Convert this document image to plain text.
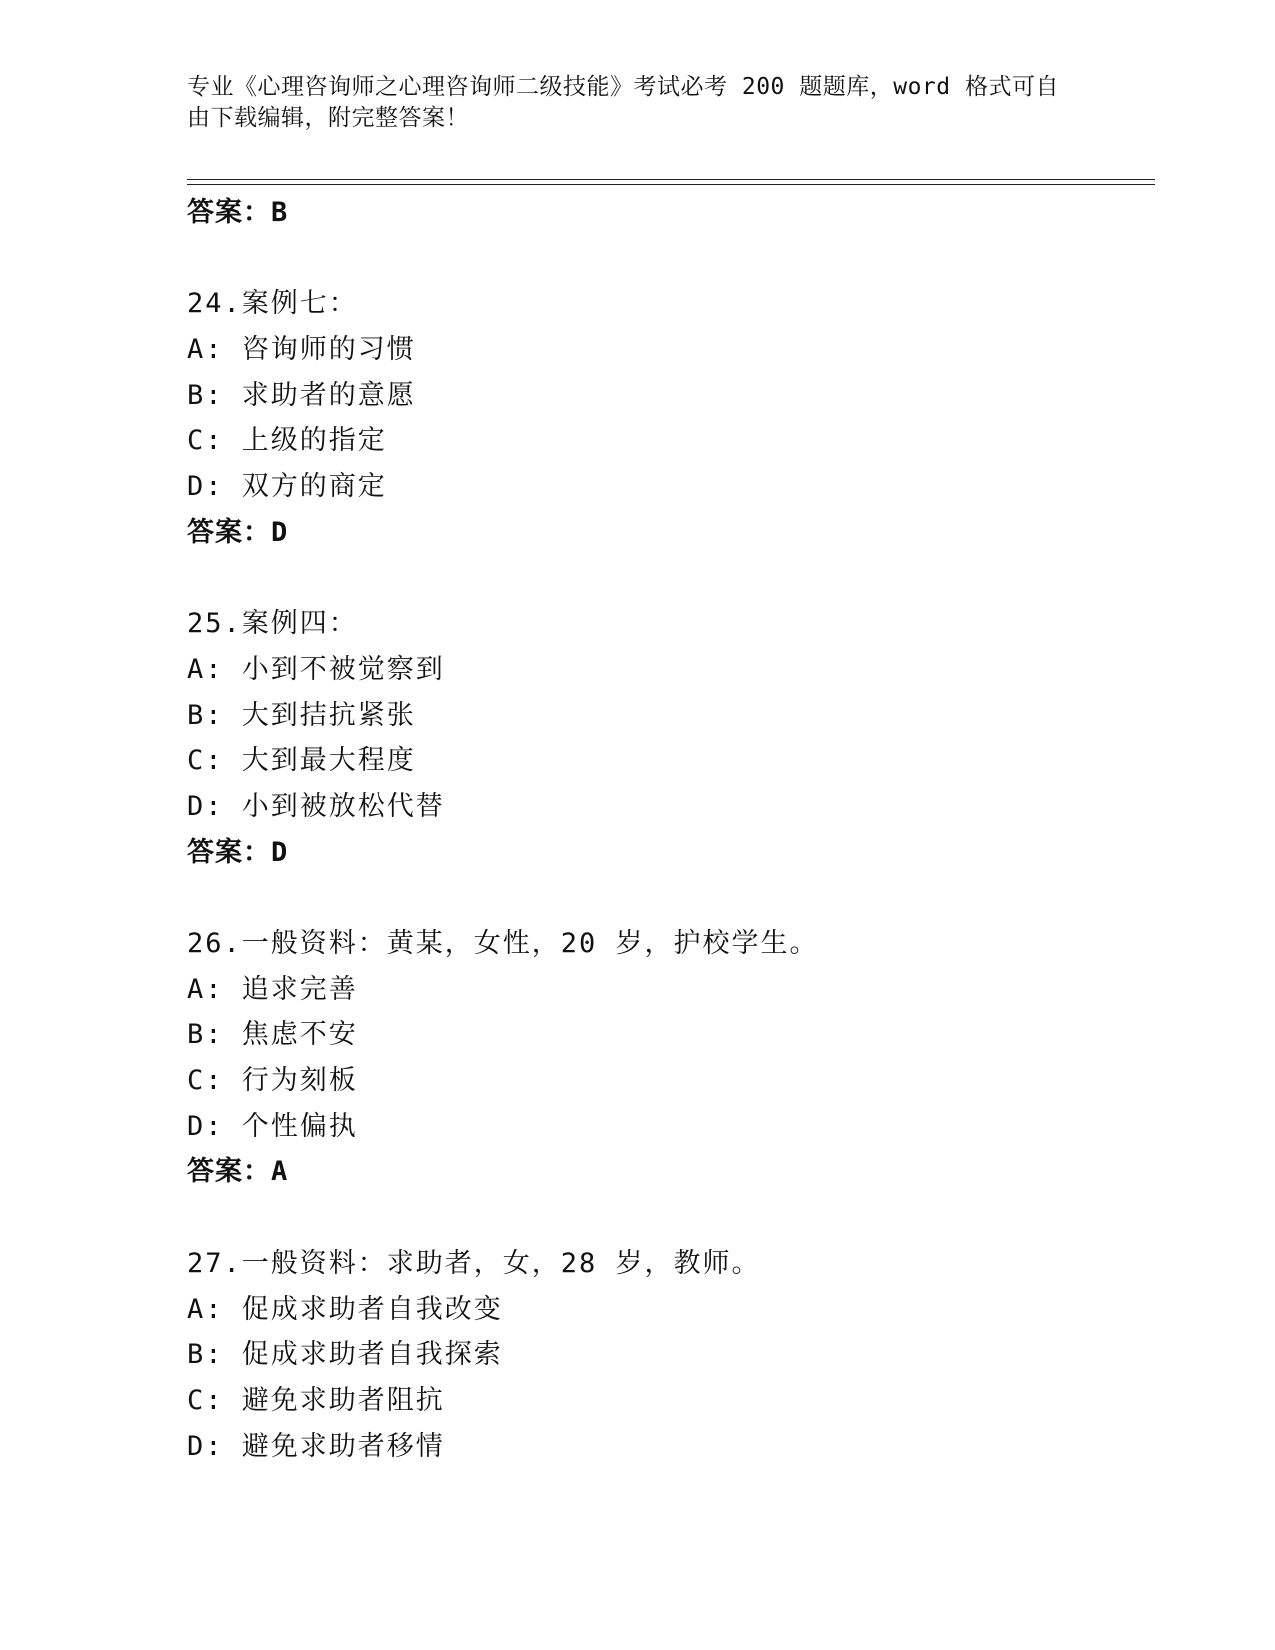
专业《心理咨询师之心理咨询师二级技能》考试必考 200 题题库，word 格式可自
由下载编辑，附完整答案！
答案：B
24.案例七：
A: 咨询师的习惯
B: 求助者的意愿
C: 上级的指定
D: 双方的商定
答案：D
25.案例四：
A: 小到不被觉察到
B: 大到拮抗紧张
C: 大到最大程度
D: 小到被放松代替
答案：D
26.一般资料：黄某，女性，20 岁，护校学生。
A: 追求完善
B: 焦虑不安
C: 行为刻板
D: 个性偏执
答案：A
27.一般资料：求助者，女，28 岁，教师。
A: 促成求助者自我改变
B: 促成求助者自我探索
C: 避免求助者阻抗
D: 避免求助者移情
